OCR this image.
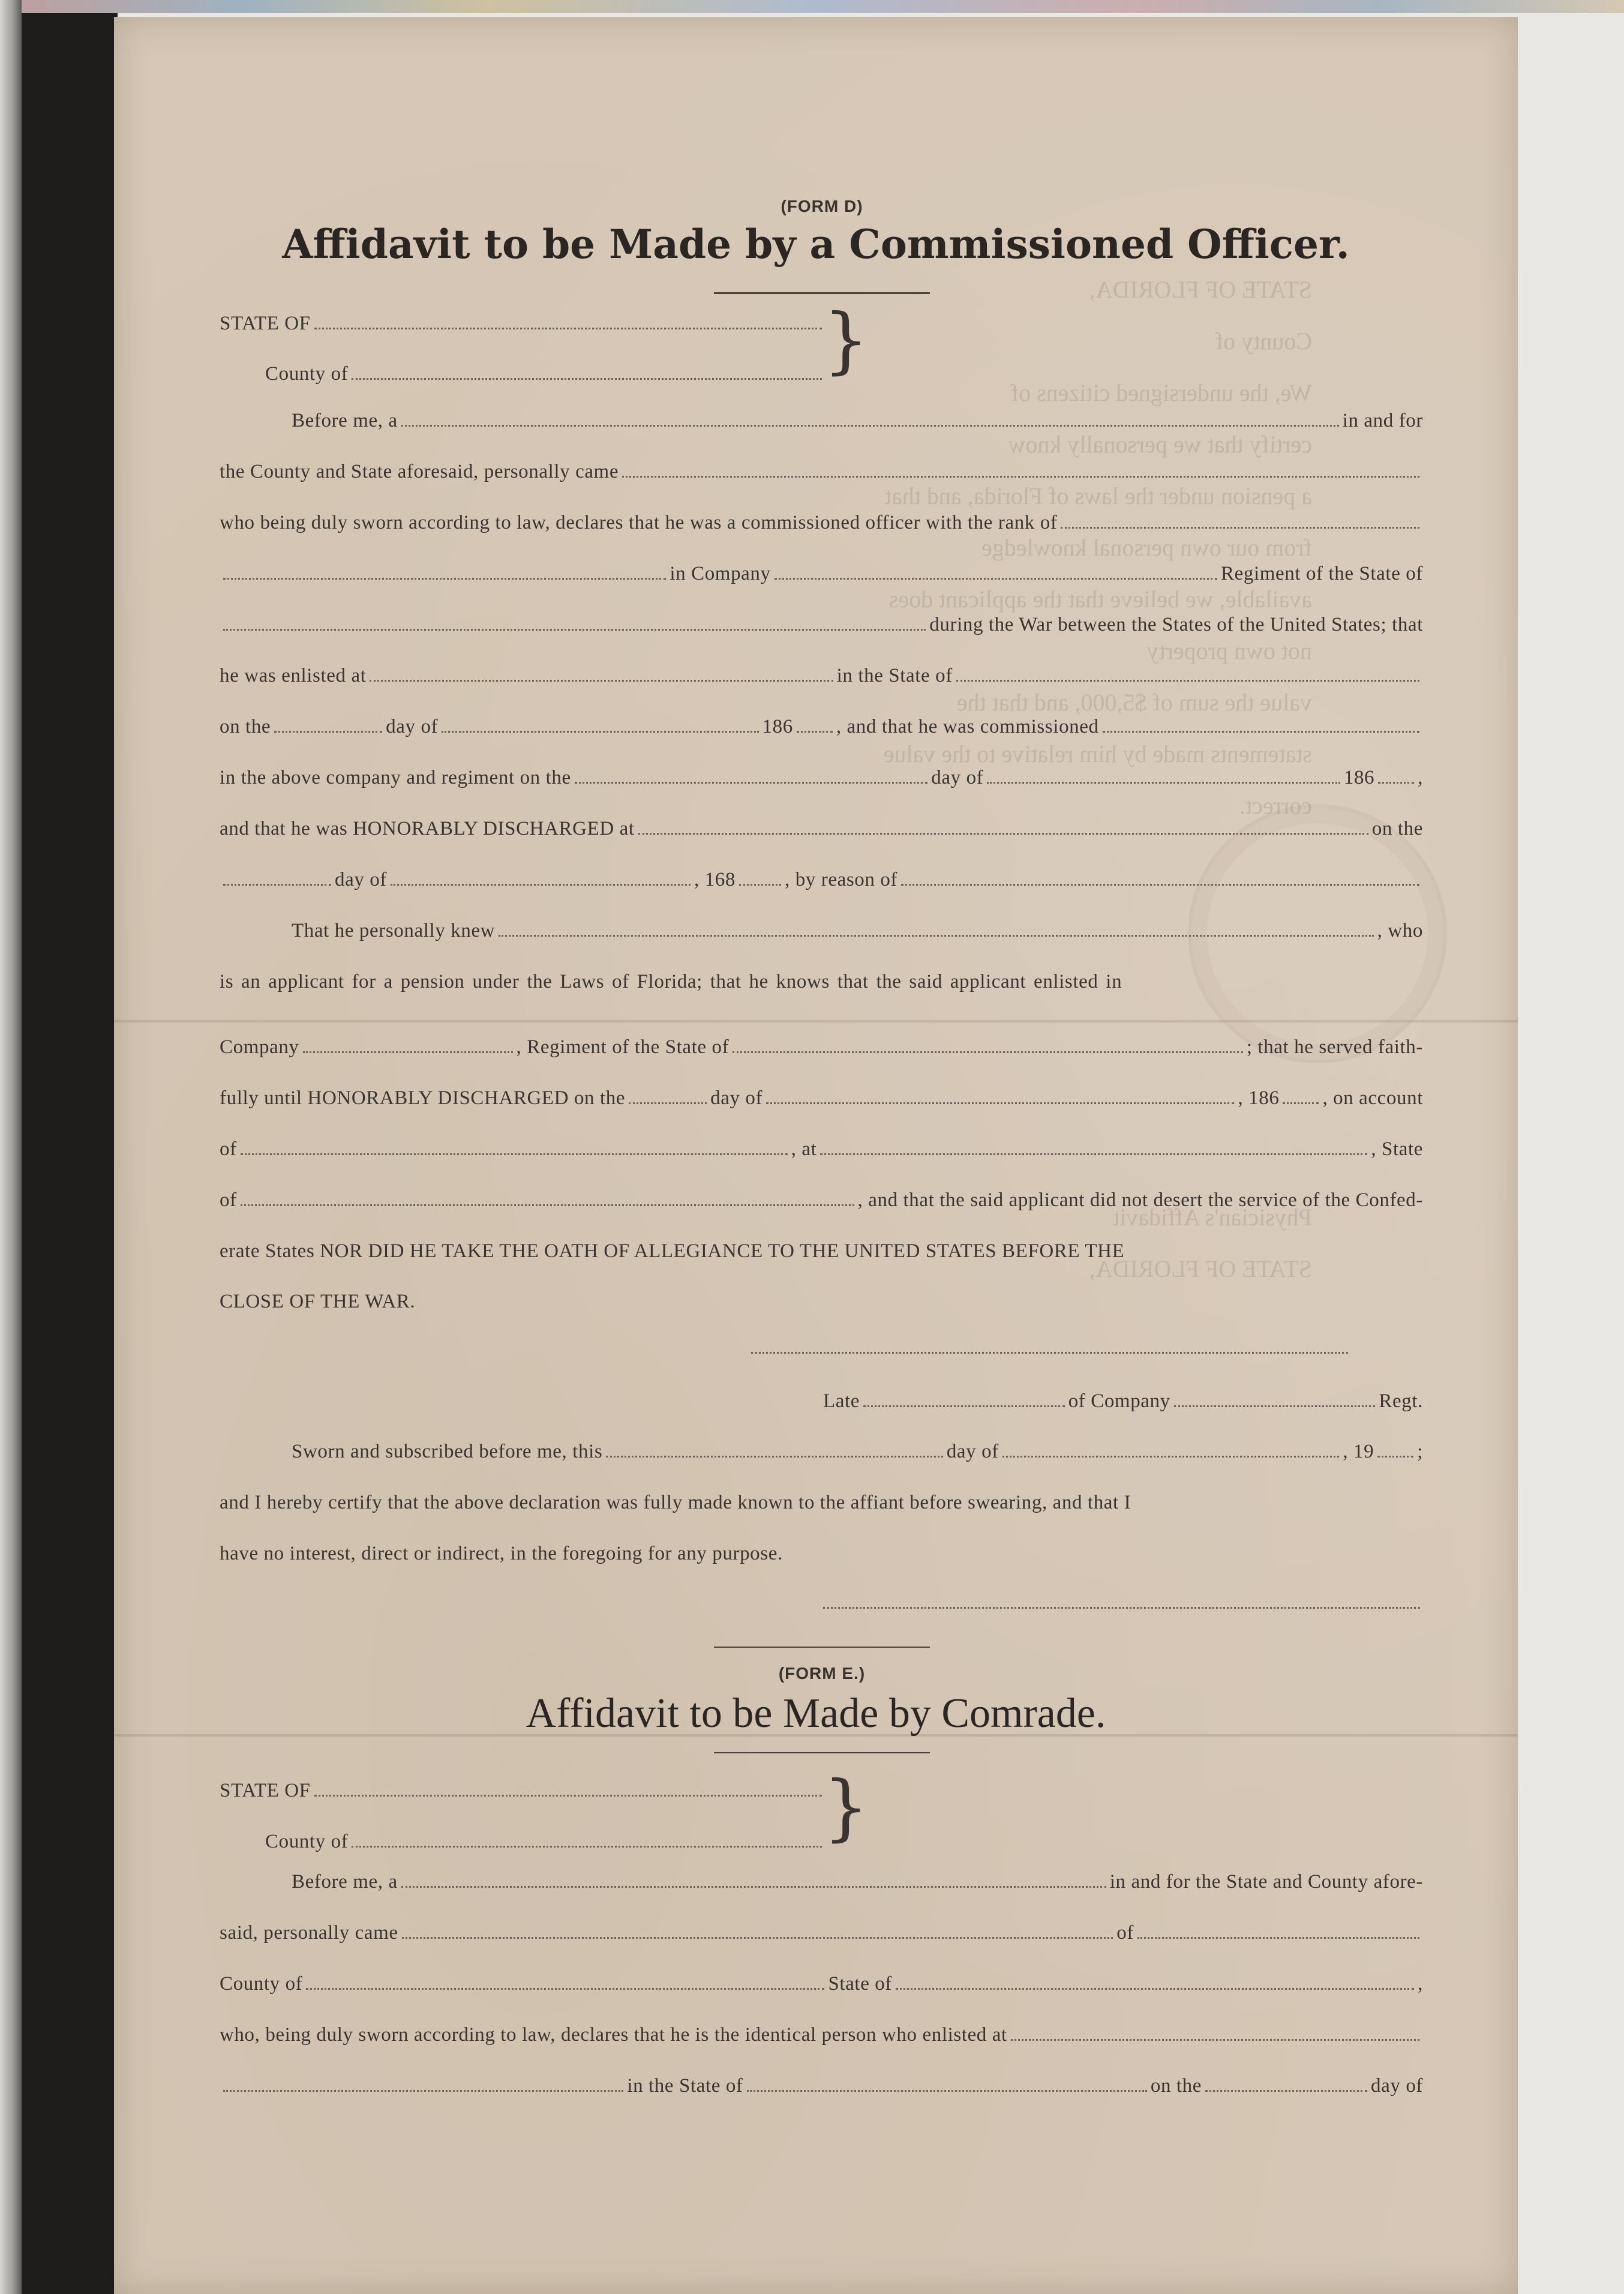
STATE OF FLORIDA,
County of
We, the undersigned citizens of
certify that we personally know
a pension under the laws of Florida, and that from our own personal knowledge
available, we believe that the applicant does not own property
value the sum of $5,000, and that the statements made by him relative to the value
correct.
Physician's Affidavit
STATE OF FLORIDA,
(FORM D)
Affidavit to be Made by a Commissioned Officer.
STATE OF
County of	}
Before me, a	in and for
the County and State aforesaid, personally came
who being duly sworn according to law, declares that he was a commissioned officer with the rank of
in Company	Regiment of the State of
during the War between the States of the United States; that
he was enlisted at	in the State of
on the	day of	186 , and that he was commissioned
in the above company and regiment on the	day of	186 ,
and that he was HONORABLY DISCHARGED at	on the
day of	, 168 , by reason of
That he personally knew	, who
is an applicant for a pension under the Laws of Florida; that he knows that the said applicant enlisted in
Company	, Regiment of the State of	; that he served faith-
fully until HONORABLY DISCHARGED on the	day of	, 186 , on account
of	, at	, State
of	, and that the said applicant did not desert the service of the Confed-
erate States NOR DID HE TAKE THE OATH OF ALLEGIANCE TO THE UNITED STATES BEFORE THE
CLOSE OF THE WAR.
Late	of Company	Regt.
Sworn and subscribed before me, this	day of	, 19 ;
and I hereby certify that the above declaration was fully made known to the affiant before swearing, and that I
have no interest, direct or indirect, in the foregoing for any purpose.
(FORM E.)
Affidavit to be Made by Comrade.
STATE OF
County of	}
Before me, a	in and for the State and County afore-
said, personally came	of
County of	State of	,
who, being duly sworn according to law, declares that he is the identical person who enlisted at
in the State of	on the	day of
